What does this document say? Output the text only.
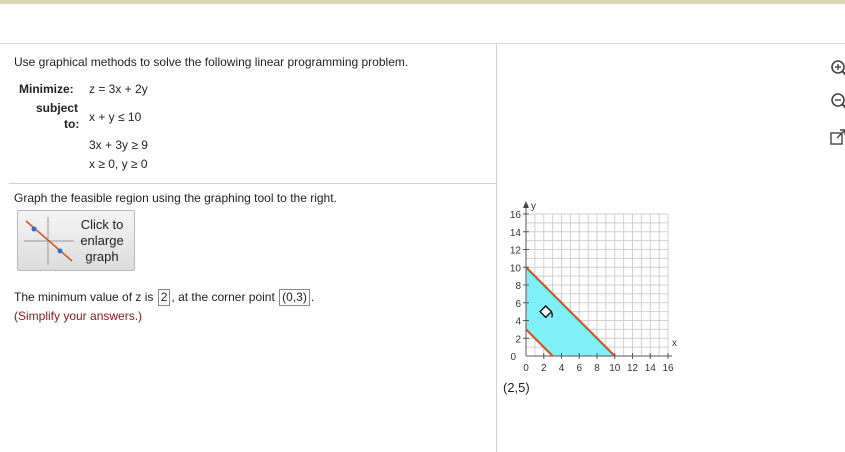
Use graphical methods to solve the following linear programming problem.
Minimize: z = 3x + 2y
subject
to: x + y ≤ 10
3x + 3y ≥ 9
x ≥ 0, y ≥ 0
Graph the feasible region using the graphing tool to the right.
Click to
enlarge
graph
The minimum value of z is 2 , at the corner point (0,3) .
(Simplify your answers.)
0 2 4 6 8 10 12 14 16
0
2
4
6
8
10
12
14
16
x
y
(2,5)
